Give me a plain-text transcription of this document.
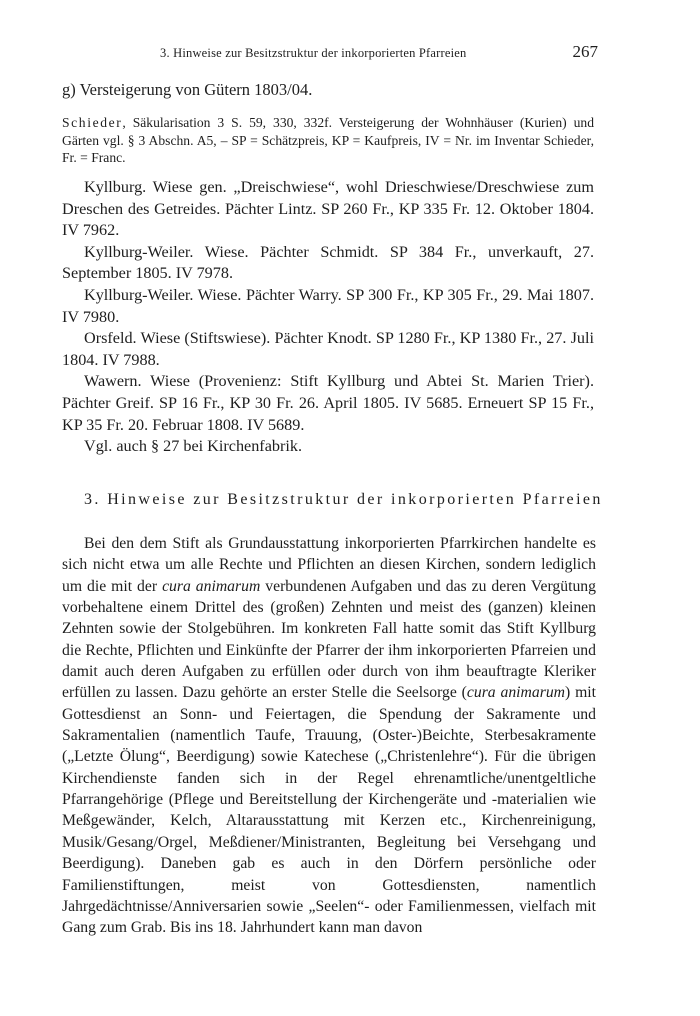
3. Hinweise zur Besitzstruktur der inkorporierten Pfarreien	267
g) Versteigerung von Gütern 1803/04.

Schieder, Säkularisation 3 S. 59, 330, 332f. Versteigerung der Wohnhäuser (Kurien) und Gärten vgl. § 3 Abschn. A5, – SP = Schätzpreis, KP = Kaufpreis, IV = Nr. im Inventar Schieder, Fr. = Franc.

Kyllburg. Wiese gen. „Dreischwiese“, wohl Drieschwiese/Dreschwiese zum Dreschen des Getreides. Pächter Lintz. SP 260 Fr., KP 335 Fr. 12. Oktober 1804. IV 7962.

Kyllburg-Weiler. Wiese. Pächter Schmidt. SP 384 Fr., unverkauft, 27. September 1805. IV 7978.

Kyllburg-Weiler. Wiese. Pächter Warry. SP 300 Fr., KP 305 Fr., 29. Mai 1807. IV 7980.

Orsfeld. Wiese (Stiftswiese). Pächter Knodt. SP 1280 Fr., KP 1380 Fr., 27. Juli 1804. IV 7988.

Wawern. Wiese (Provenienz: Stift Kyllburg und Abtei St. Marien Trier). Pächter Greif. SP 16 Fr., KP 30 Fr. 26. April 1805. IV 5685. Erneuert SP 15 Fr., KP 35 Fr. 20. Februar 1808. IV 5689.

Vgl. auch § 27 bei Kirchenfabrik.

3. Hinweise zur Besitzstruktur der inkorporierten Pfarreien

Bei den dem Stift als Grundausstattung inkorporierten Pfarrkirchen handelte es sich nicht etwa um alle Rechte und Pflichten an diesen Kirchen, sondern lediglich um die mit der cura animarum verbundenen Aufgaben und das zu deren Vergütung vorbehaltene einem Drittel des (großen) Zehnten und meist des (ganzen) kleinen Zehnten sowie der Stolgebühren. Im konkreten Fall hatte somit das Stift Kyllburg die Rechte, Pflichten und Einkünfte der Pfarrer der ihm inkorporierten Pfarreien und damit auch deren Aufgaben zu erfüllen oder durch von ihm beauftragte Kleriker erfüllen zu lassen. Dazu gehörte an erster Stelle die Seelsorge (cura animarum) mit Gottesdienst an Sonn- und Feiertagen, die Spendung der Sakramente und Sakramentalien (namentlich Taufe, Trauung, (Oster-)Beichte, Sterbesakramente („Letzte Ölung“, Beerdigung) sowie Katechese („Christenlehre“). Für die übrigen Kirchendienste fanden sich in der Regel ehrenamtliche/unentgeltliche Pfarrangehörige (Pflege und Bereitstellung der Kirchengeräte und -materialien wie Meßgewänder, Kelch, Altarausstattung mit Kerzen etc., Kirchenreinigung, Musik/Gesang/Orgel, Meßdiener/Ministranten, Begleitung bei Versehgang und Beerdigung). Daneben gab es auch in den Dörfern persönliche oder Familienstiftungen, meist von Gottesdiensten, namentlich Jahrgedächtnisse/Anniversarien sowie „Seelen“- oder Familienmessen, vielfach mit Gang zum Grab. Bis ins 18. Jahrhundert kann man davon
